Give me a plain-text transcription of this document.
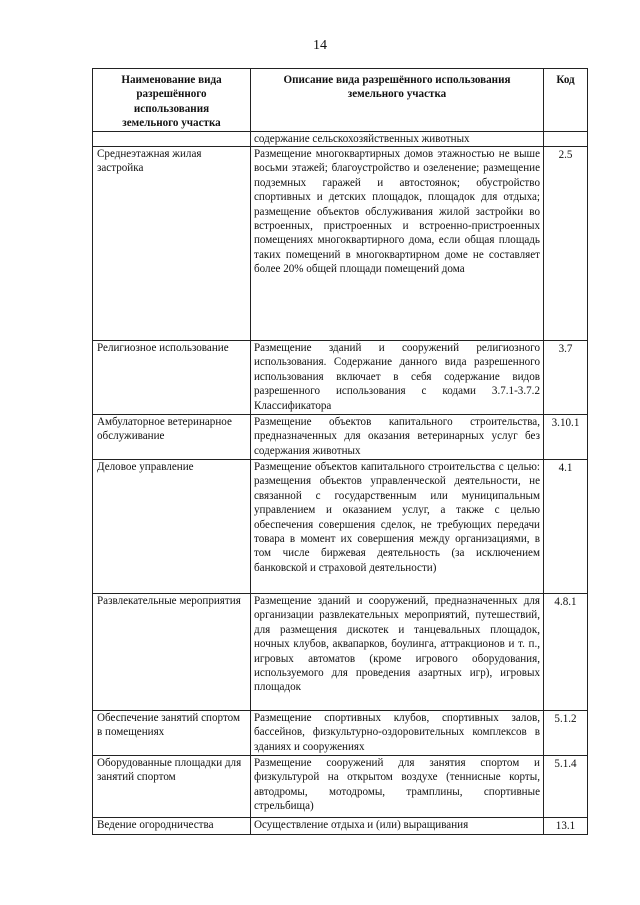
14
Наименование вида разрешённого использования земельного участка	Описание вида разрешённого использования земельного участка	Код
	содержание сельскохозяйственных животных	
Среднеэтажная жилая застройка	Размещение многоквартирных домов этажностью не выше восьми этажей; благоустройство и озеленение; размещение подземных гаражей и автостоянок; обустройство спортивных и детских площадок, площадок для отдыха; размещение объектов обслуживания жилой застройки во встроенных, пристроенных и встроенно-пристроенных помещениях многоквартирного дома, если общая площадь таких помещений в многоквартирном доме не составляет более 20% общей площади помещений дома	2.5
Религиозное использование	Размещение зданий и сооружений религиозного использования. Содержание данного вида разрешенного использования включает в себя содержание видов разрешенного использования с кодами 3.7.1-3.7.2 Классификатора	3.7
Амбулаторное ветеринарное обслуживание	Размещение объектов капитального строительства, предназначенных для оказания ветеринарных услуг без содержания животных	3.10.1
Деловое управление	Размещение объектов капитального строительства с целью: размещения объектов управленческой деятельности, не связанной с государственным или муниципальным управлением и оказанием услуг, а также с целью обеспечения совершения сделок, не требующих передачи товара в момент их совершения между организациями, в том числе биржевая деятельность (за исключением банковской и страховой деятельности)	4.1
Развлекательные мероприятия	Размещение зданий и сооружений, предназначенных для организации развлекательных мероприятий, путешествий, для размещения дискотек и танцевальных площадок, ночных клубов, аквапарков, боулинга, аттракционов и т. п., игровых автоматов (кроме игрового оборудования, используемого для проведения азартных игр), игровых площадок	4.8.1
Обеспечение занятий спортом в помещениях	Размещение спортивных клубов, спортивных залов, бассейнов, физкультурно-оздоровительных комплексов в зданиях и сооружениях	5.1.2
Оборудованные площадки для занятий спортом	Размещение сооружений для занятия спортом и физкультурой на открытом воздухе (теннисные корты, автодромы, мотодромы, трамплины, спортивные стрельбища)	5.1.4
Ведение огородничества	Осуществление отдыха и (или) выращивания	13.1
